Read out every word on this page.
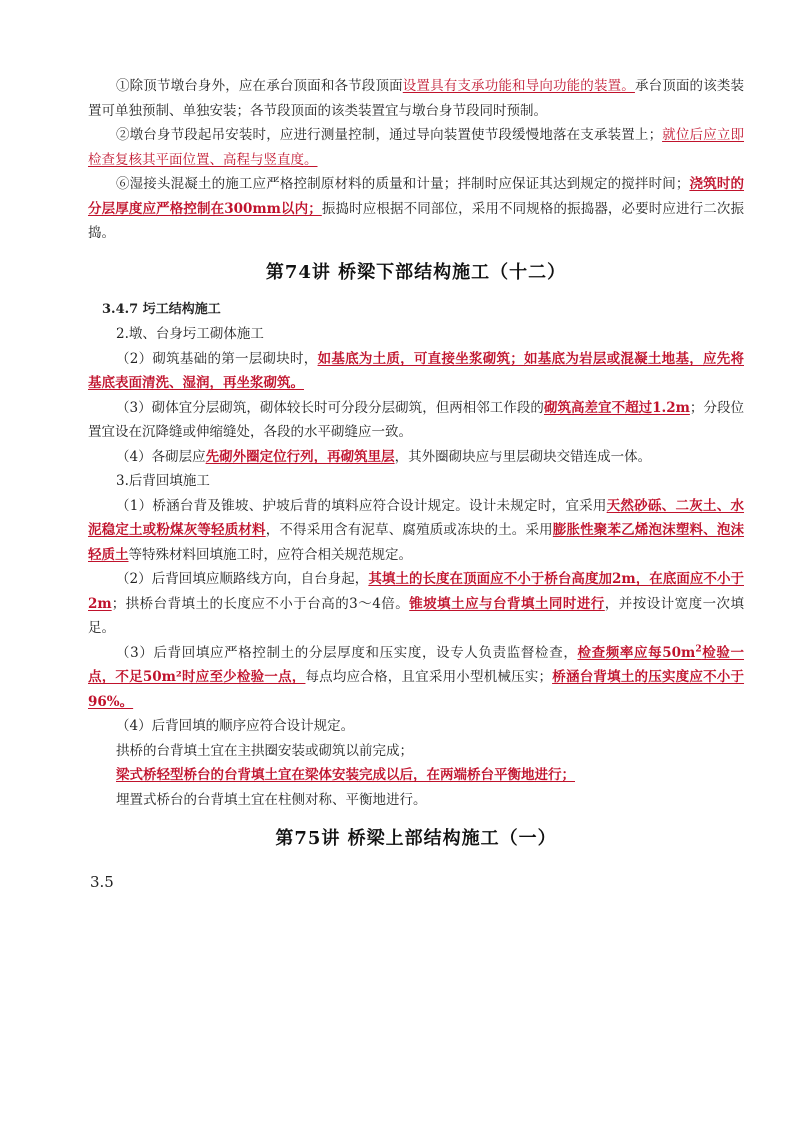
①除顶节墩台身外，应在承台顶面和各节段顶面设置具有支承功能和导向功能的装置。承台顶面的该类装置可单独预制、单独安装；各节段顶面的该类装置宜与墩台身节段同时预制。

②墩台身节段起吊安装时，应进行测量控制，通过导向装置使节段缓慢地落在支承装置上；就位后应立即检查复核其平面位置、高程与竖直度。

⑥湿接头混凝土的施工应严格控制原材料的质量和计量；拌制时应保证其达到规定的搅拌时间；浇筑时的分层厚度应严格控制在300mm以内；振捣时应根据不同部位，采用不同规格的振捣器，必要时应进行二次振捣。

第74讲 桥梁下部结构施工（十二）

3.4.7 圬工结构施工

2.墩、台身圬工砌体施工

（2）砌筑基础的第一层砌块时，如基底为土质，可直接坐浆砌筑；如基底为岩层或混凝土地基，应先将基底表面清洗、湿润，再坐浆砌筑。

（3）砌体宜分层砌筑，砌体较长时可分段分层砌筑，但两相邻工作段的砌筑高差宜不超过1.2m；分段位置宜设在沉降缝或伸缩缝处，各段的水平砌缝应一致。

（4）各砌层应先砌外圈定位行列，再砌筑里层，其外圈砌块应与里层砌块交错连成一体。

3.后背回填施工

（1）桥涵台背及锥坡、护坡后背的填料应符合设计规定。设计未规定时，宜采用天然砂砾、二灰土、水泥稳定土或粉煤灰等轻质材料，不得采用含有泥草、腐殖质或冻块的土。采用膨胀性聚苯乙烯泡沫塑料、泡沫轻质土等特殊材料回填施工时，应符合相关规范规定。

（2）后背回填应顺路线方向，自台身起，其填土的长度在顶面应不小于桥台高度加2m，在底面应不小于2m；拱桥台背填土的长度应不小于台高的3～4倍。锥坡填土应与台背填土同时进行，并按设计宽度一次填足。

（3）后背回填应严格控制土的分层厚度和压实度，设专人负责监督检查，检查频率应每$50m^2$检验一点，不足50m²时应至少检验一点，每点均应合格，且宜采用小型机械压实；桥涵台背填土的压实度应不小于96%。

（4）后背回填的顺序应符合设计规定。

拱桥的台背填土宜在主拱圈安装或砌筑以前完成；

梁式桥轻型桥台的台背填土宜在梁体安装完成以后，在两端桥台平衡地进行；

埋置式桥台的台背填土宜在柱侧对称、平衡地进行。

第75讲 桥梁上部结构施工（一）

3.5
